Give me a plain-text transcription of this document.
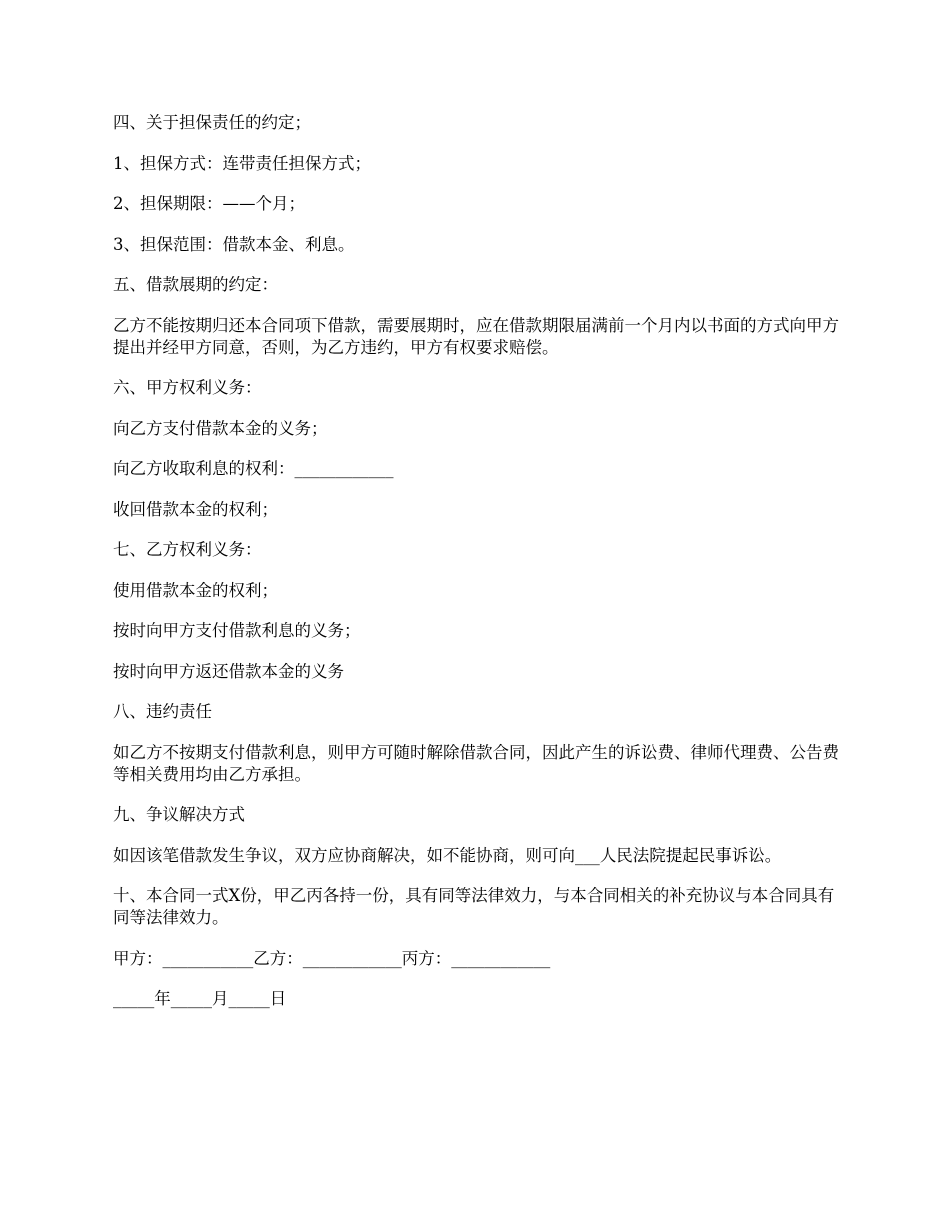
四、关于担保责任的约定；

1、担保方式：连带责任担保方式；

2、担保期限：——个月；

3、担保范围：借款本金、利息。

五、借款展期的约定：

乙方不能按期归还本合同项下借款，需要展期时，应在借款期限届满前一个月内以书面的方式向甲方提出并经甲方同意，否则，为乙方违约，甲方有权要求赔偿。

六、甲方权利义务：

向乙方支付借款本金的义务；

向乙方收取利息的权利：____________

收回借款本金的权利；

七、乙方权利义务：

使用借款本金的权利；

按时向甲方支付借款利息的义务；

按时向甲方返还借款本金的义务

八、违约责任

如乙方不按期支付借款利息，则甲方可随时解除借款合同，因此产生的诉讼费、律师代理费、公告费等相关费用均由乙方承担。

九、争议解决方式

如因该笔借款发生争议，双方应协商解决，如不能协商，则可向___人民法院提起民事诉讼。

十、本合同一式X份，甲乙丙各持一份，具有同等法律效力，与本合同相关的补充协议与本合同具有同等法律效力。

甲方：___________乙方：____________丙方：____________

_____年_____月_____日
